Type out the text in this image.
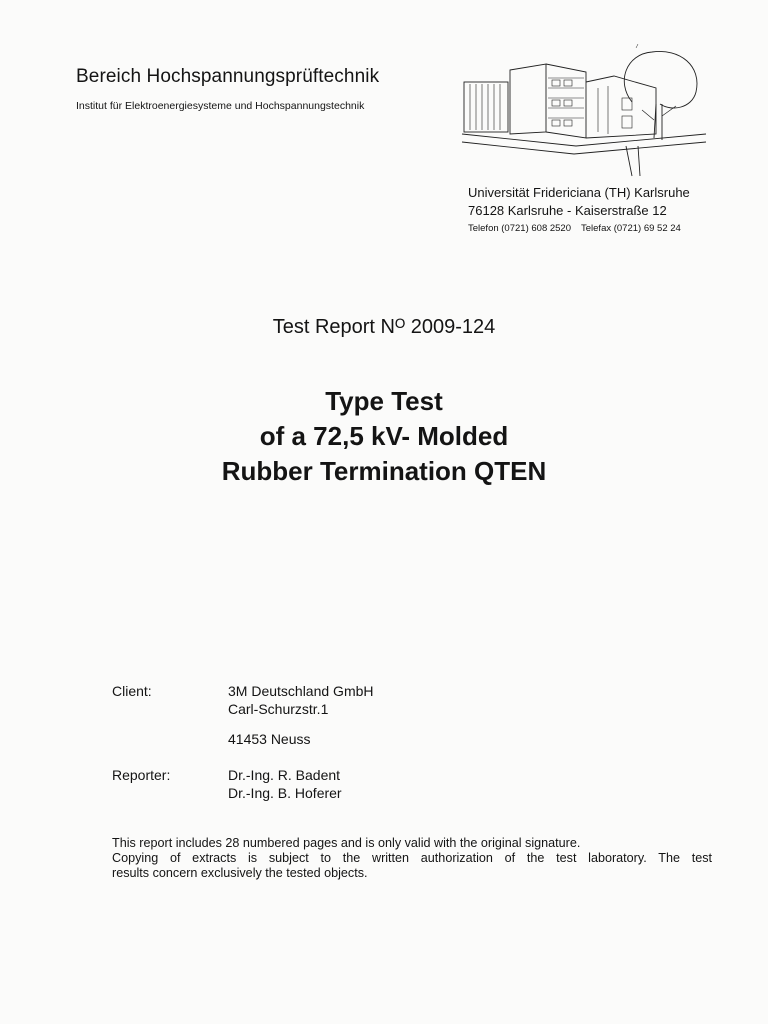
Bereich Hochspannungsprüftechnik
Institut für Elektroenergiesysteme und Hochspannungstechnik
Universität Fridericiana (TH) Karlsruhe
76128 Karlsruhe - Kaiserstraße 12
Telefon (0721) 608 2520 Telefax (0721) 69 52 24
Test Report Nᴼ 2009-124
Type Test
of a 72,5 kV- Molded
Rubber Termination QTEN
Client:	3M Deutschland GmbH
Carl-Schurzstr.1
41453 Neuss
Reporter:	Dr.-Ing. R. Badent
Dr.-Ing. B. Hoferer
This report includes 28 numbered pages and is only valid with the original signature.
Copying of extracts is subject to the written authorization of the test laboratory. The test
results concern exclusively the tested objects.
